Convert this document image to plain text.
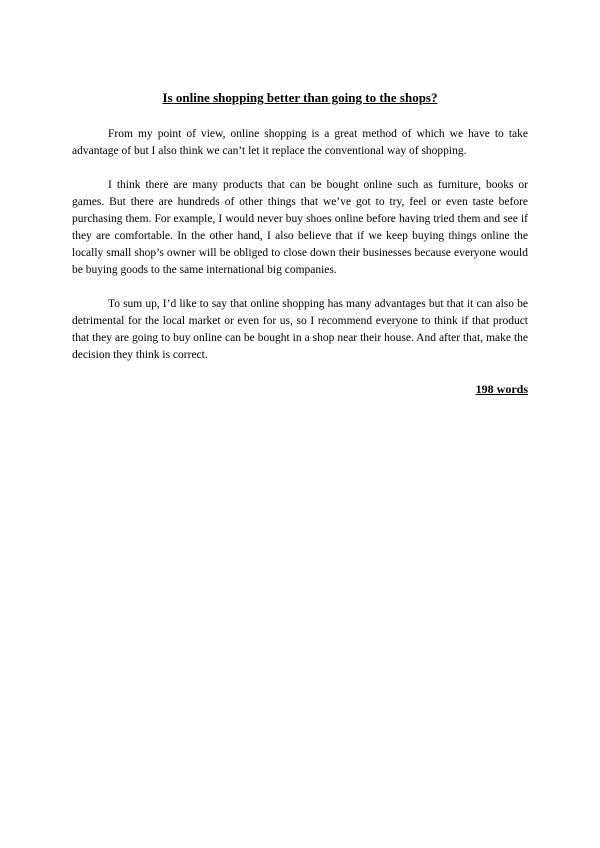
Is online shopping better than going to the shops?

From my point of view, online shopping is a great method of which we have to take advantage of but I also think we can’t let it replace the conventional way of shopping.

I think there are many products that can be bought online such as furniture, books or games. But there are hundreds of other things that we’ve got to try, feel or even taste before purchasing them. For example, I would never buy shoes online before having tried them and see if they are comfortable. In the other hand, I also believe that if we keep buying things online the locally small shop’s owner will be obliged to close down their businesses because everyone would be buying goods to the same international big companies.

To sum up, I’d like to say that online shopping has many advantages but that it can also be detrimental for the local market or even for us, so I recommend everyone to think if that product that they are going to buy online can be bought in a shop near their house. And after that, make the decision they think is correct.

198 words
